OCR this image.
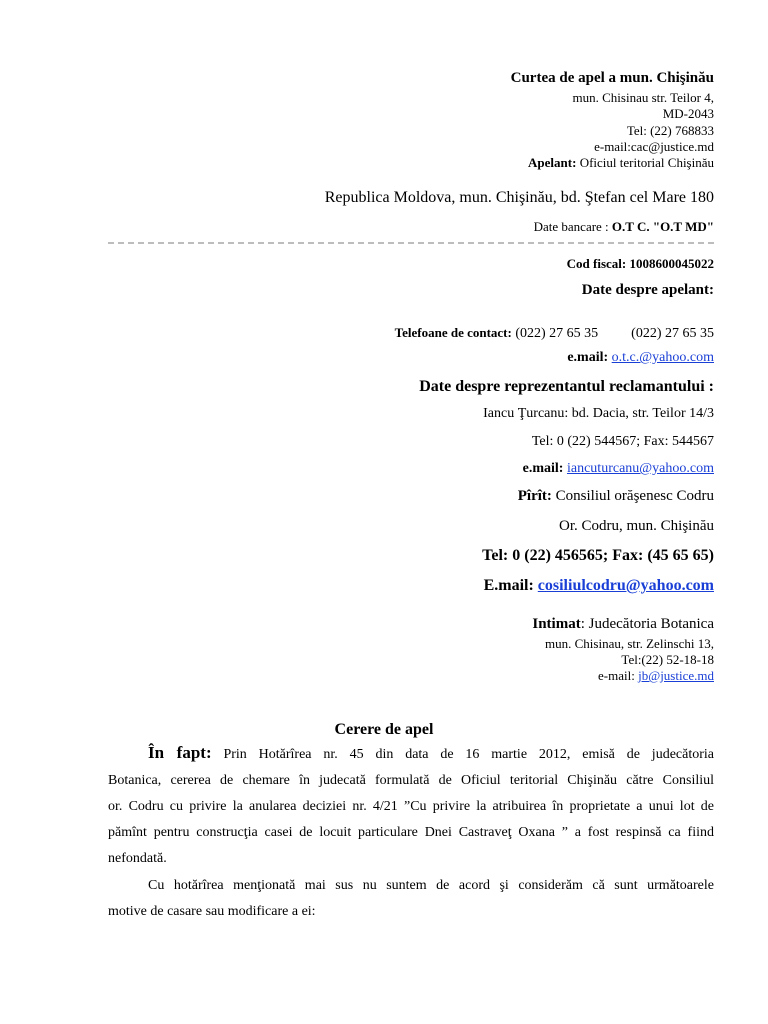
Curtea de apel a mun. Chişinău
mun. Chisinau str. Teilor 4,
MD-2043
Tel: (22) 768833
e-mail:cac@justice.md
Apelant: Oficiul teritorial Chişinău
Republica Moldova, mun. Chişinău, bd. Ştefan cel Mare 180
Date bancare : O.T C. "O.T MD"
Cod fiscal: 1008600045022
Date despre apelant:
Telefoane de contact: (022) 27 65 35 (022) 27 65 35
e.mail: o.t.c.@yahoo.com
Date despre reprezentantul reclamantului :
Iancu Ţurcanu: bd. Dacia, str. Teilor 14/3
Tel: 0 (22) 544567; Fax: 544567
e.mail: iancuturcanu@yahoo.com
Pîrît: Consiliul orăşenesc Codru
Or. Codru, mun. Chişinău
Tel: 0 (22) 456565; Fax: (45 65 65)
E.mail: cosiliulcodru@yahoo.com
Intimat: Judecătoria Botanica
mun. Chisinau, str. Zelinschi 13,
Tel:(22) 52-18-18
e-mail: jb@justice.md
Cerere de apel
În fapt: Prin Hotărîrea nr. 45 din data de 16 martie 2012, emisă de judecătoria
Botanica, cererea de chemare în judecată formulată de Oficiul teritorial Chişinău către Consiliul
or. Codru cu privire la anularea deciziei nr. 4/21 ”Cu privire la atribuirea în proprietate a unui lot de
pămînt pentru construcţia casei de locuit particulare Dnei Castraveţ Oxana ” a fost respinsă ca fiind
nefondată.
Cu hotărîrea menţionată mai sus nu suntem de acord şi considerăm că sunt următoarele
motive de casare sau modificare a ei:
